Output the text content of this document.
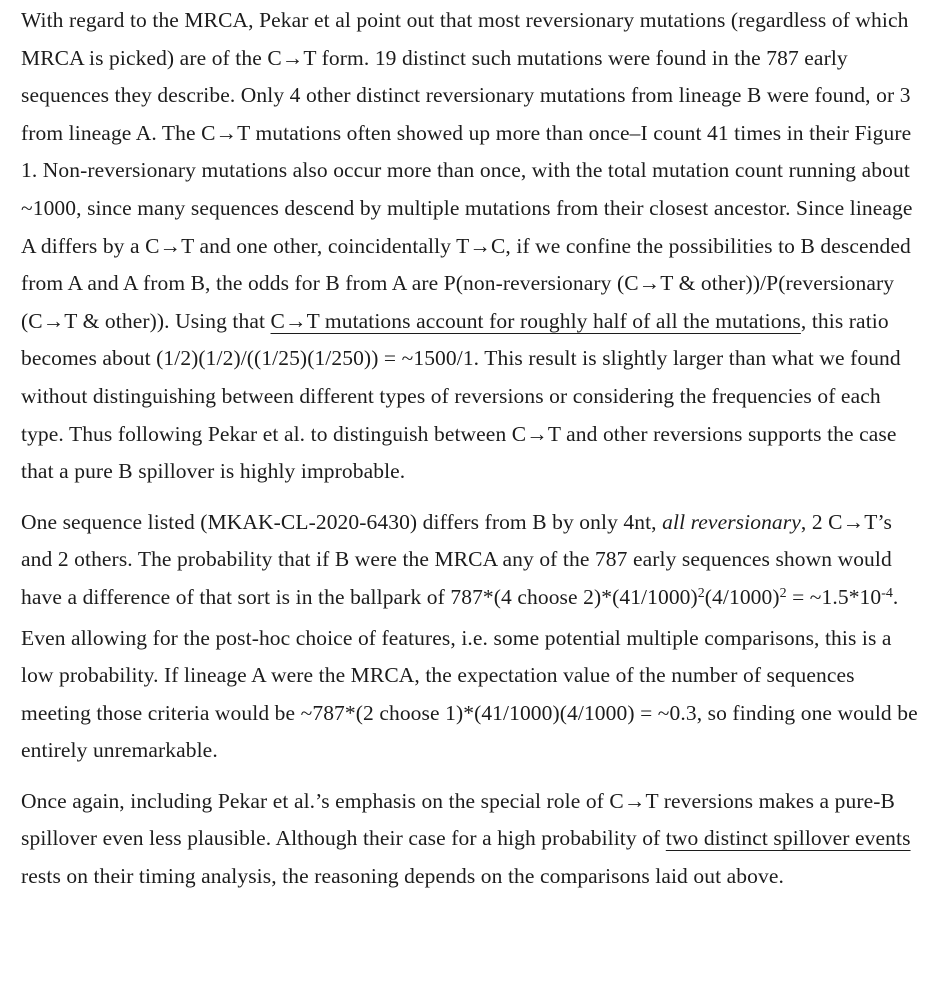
With regard to the MRCA, Pekar et al point out that most reversionary mutations (regardless of which MRCA is picked) are of the C→T form. 19 distinct such mutations were found in the 787 early sequences they describe. Only 4 other distinct reversionary mutations from lineage B were found, or 3 from lineage A. The C→T mutations often showed up more than once–I count 41 times in their Figure 1. Non-reversionary mutations also occur more than once, with the total mutation count running about ~1000, since many sequences descend by multiple mutations from their closest ancestor. Since lineage A differs by a C→T and one other, coincidentally T→C, if we confine the possibilities to B descended from A and A from B, the odds for B from A are P(non-reversionary (C→T & other))/P(reversionary (C→T & other)). Using that C→T mutations account for roughly half of all the mutations, this ratio becomes about (1/2)(1/2)/((1/25)(1/250)) = ~1500/1. This result is slightly larger than what we found without distinguishing between different types of reversions or considering the frequencies of each type. Thus following Pekar et al. to distinguish between C→T and other reversions supports the case that a pure B spillover is highly improbable.

One sequence listed (MKAK-CL-2020-6430) differs from B by only 4nt, all reversionary, 2 C→T’s and 2 others. The probability that if B were the MRCA any of the 787 early sequences shown would have a difference of that sort is in the ballpark of 787*(4 choose $2)*(41/1000)^2(4/1000)^2$ = $\sim 1.5*10^{-4}$. Even allowing for the post-hoc choice of features, i.e. some potential multiple comparisons, this is a low probability. If lineage A were the MRCA, the expectation value of the number of sequences meeting those criteria would be ~787*(2 choose 1)*(41/1000)(4/1000) = ~0.3, so finding one would be entirely unremarkable.

Once again, including Pekar et al.’s emphasis on the special role of C→T reversions makes a pure-B spillover even less plausible. Although their case for a high probability of two distinct spillover events rests on their timing analysis, the reasoning depends on the comparisons laid out above.
